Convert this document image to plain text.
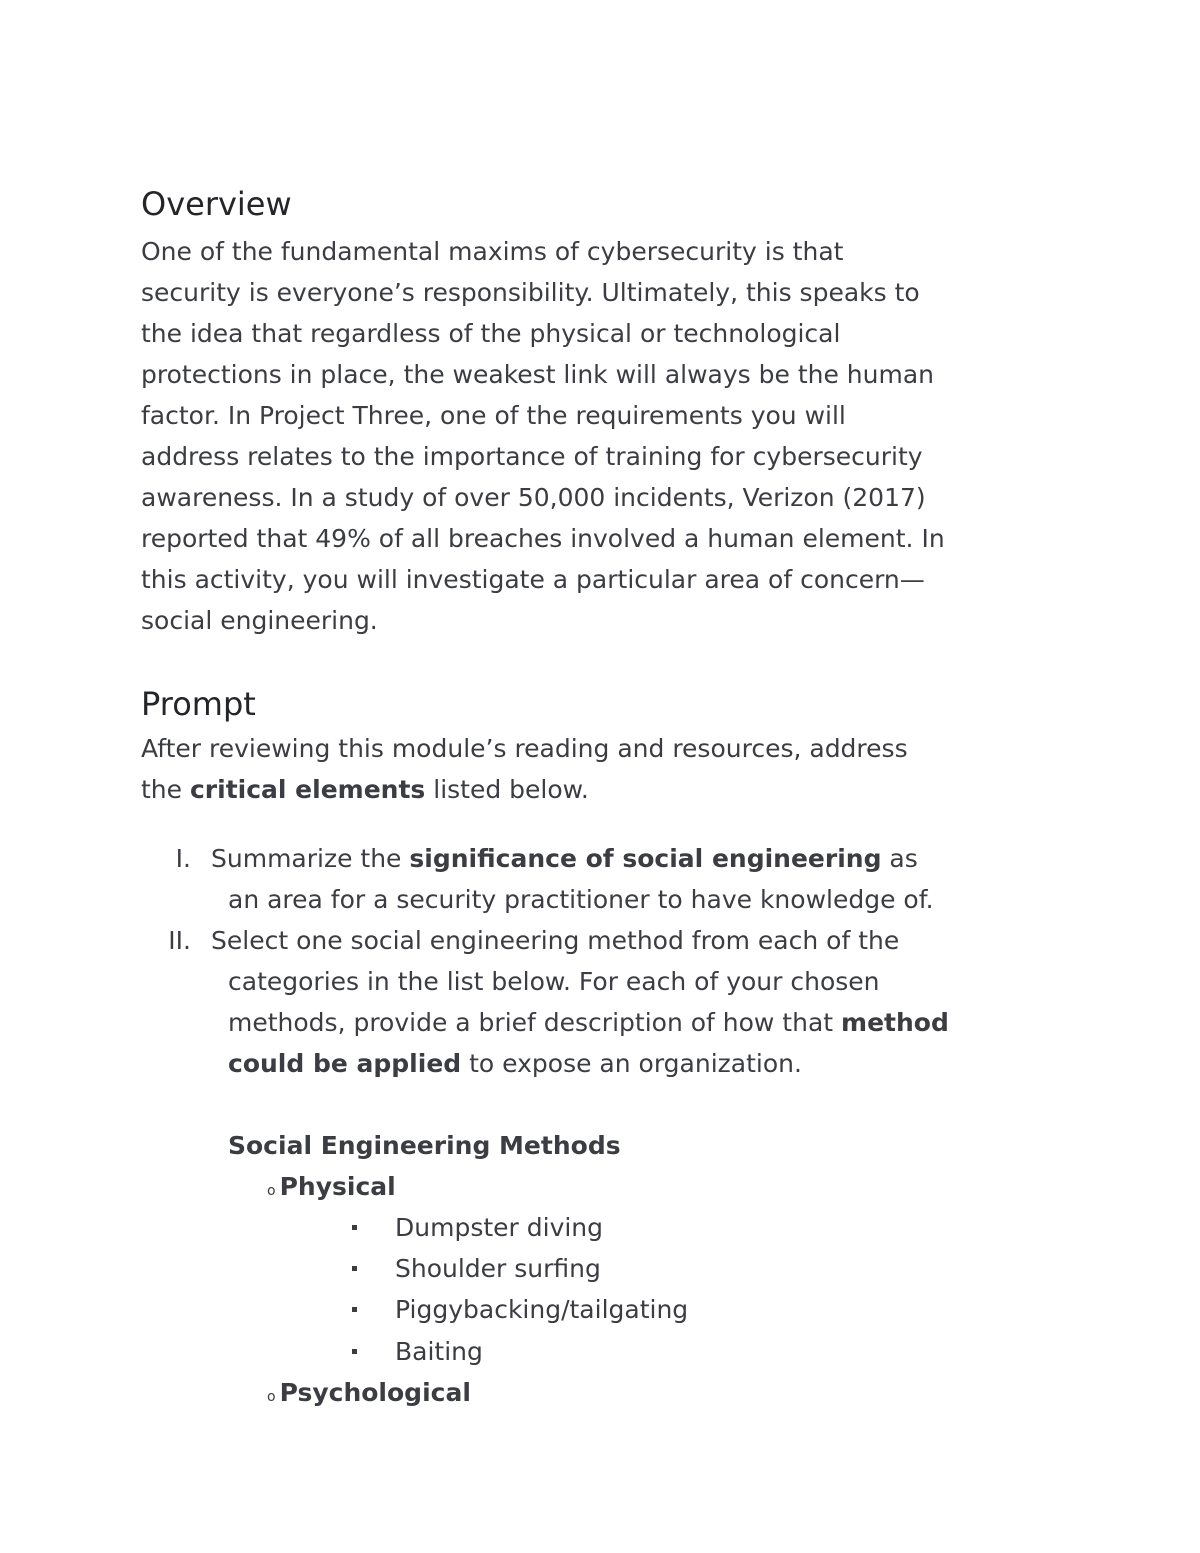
Overview

One of the fundamental maxims of cybersecurity is that
security is everyone’s responsibility. Ultimately, this speaks to
the idea that regardless of the physical or technological
protections in place, the weakest link will always be the human
factor. In Project Three, one of the requirements you will
address relates to the importance of training for cybersecurity
awareness. In a study of over 50,000 incidents, Verizon (2017)
reported that 49% of all breaches involved a human element. In
this activity, you will investigate a particular area of concern—
social engineering.

Prompt

After reviewing this module’s reading and resources, address
the critical elements listed below.

I. Summarize the significance of social engineering as
an area for a security practitioner to have knowledge of.
II. Select one social engineering method from each of the
categories in the list below. For each of your chosen
methods, provide a brief description of how that method
could be applied to expose an organization.
Social Engineering Methods
o Physical
Dumpster diving
Shoulder surfing
Piggybacking/tailgating
Baiting
o Psychological
